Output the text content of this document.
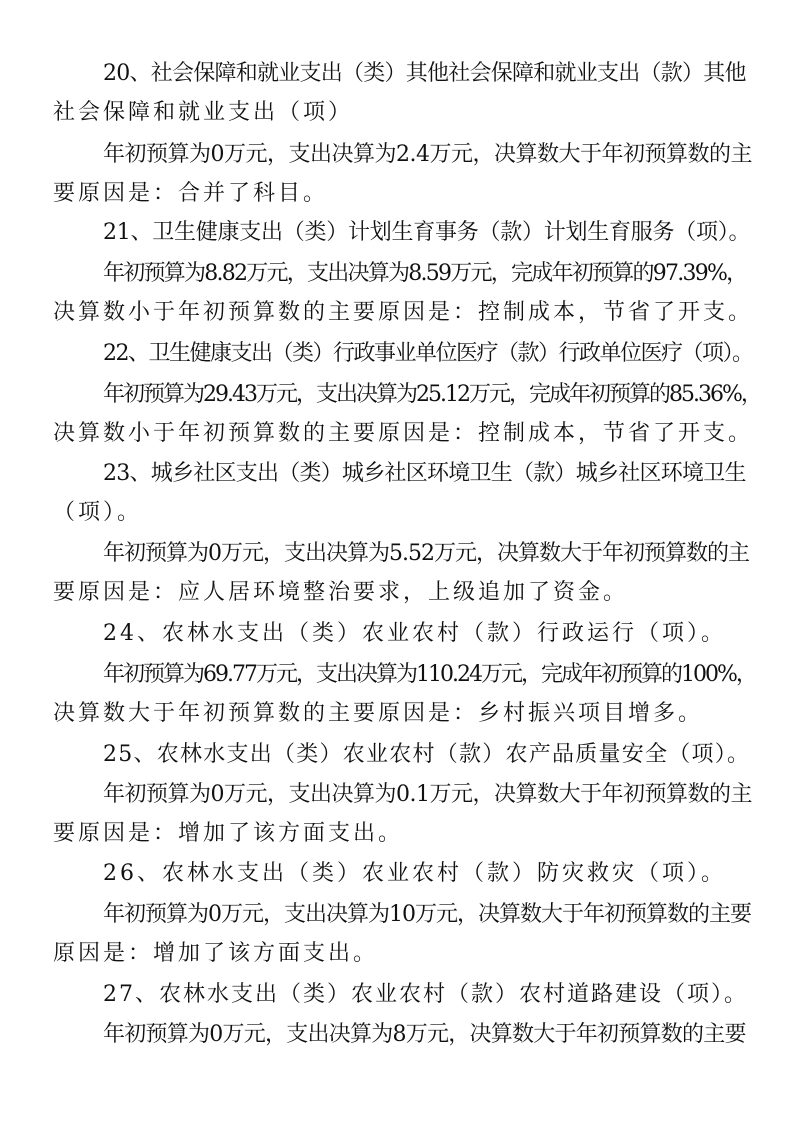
20、社会保障和就业支出（类）其他社会保障和就业支出（款）其他
社会保障和就业支出（项）
年初预算为0万元，支出决算为2.4万元，决算数大于年初预算数的主
要原因是：合并了科目。
21、卫生健康支出（类）计划生育事务（款）计划生育服务（项）。
年初预算为8.82万元，支出决算为8.59万元，完成年初预算的97.39%，
决算数小于年初预算数的主要原因是：控制成本，节省了开支。
22、卫生健康支出（类）行政事业单位医疗（款）行政单位医疗（项）。
年初预算为29.43万元，支出决算为25.12万元，完成年初预算的85.36%，
决算数小于年初预算数的主要原因是：控制成本，节省了开支。
23、城乡社区支出（类）城乡社区环境卫生（款）城乡社区环境卫生
（项）。
年初预算为0万元，支出决算为5.52万元，决算数大于年初预算数的主
要原因是：应人居环境整治要求，上级追加了资金。
24、农林水支出（类）农业农村（款）行政运行（项）。
年初预算为69.77万元，支出决算为110.24万元，完成年初预算的100%，
决算数大于年初预算数的主要原因是：乡村振兴项目增多。
25、农林水支出（类）农业农村（款）农产品质量安全（项）。
年初预算为0万元，支出决算为0.1万元，决算数大于年初预算数的主
要原因是：增加了该方面支出。
26、农林水支出（类）农业农村（款）防灾救灾（项）。
年初预算为0万元，支出决算为10万元，决算数大于年初预算数的主要
原因是：增加了该方面支出。
27、农林水支出（类）农业农村（款）农村道路建设（项）。
年初预算为0万元，支出决算为8万元，决算数大于年初预算数的主要
